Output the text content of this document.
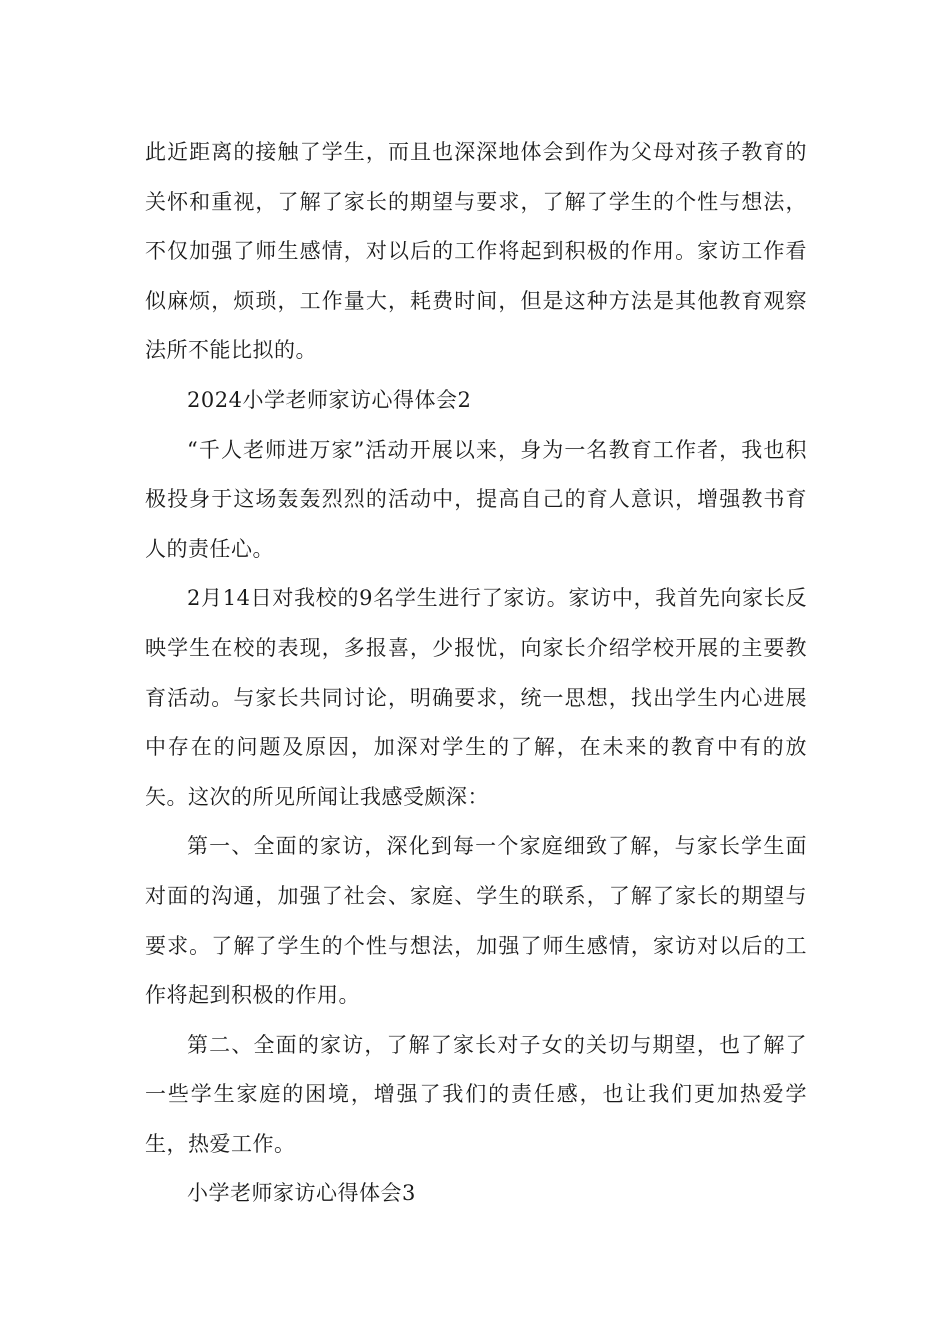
此近距离的接触了学生，而且也深深地体会到作为父母对孩子教育的关怀和重视，了解了家长的期望与要求，了解了学生的个性与想法，不仅加强了师生感情，对以后的工作将起到积极的作用。家访工作看似麻烦，烦琐，工作量大，耗费时间，但是这种方法是其他教育观察法所不能比拟的。

2024小学老师家访心得体会2

“千人老师进万家”活动开展以来，身为一名教育工作者，我也积极投身于这场轰轰烈烈的活动中，提高自己的育人意识，增强教书育人的责任心。

2月14日对我校的9名学生进行了家访。家访中，我首先向家长反映学生在校的表现，多报喜，少报忧，向家长介绍学校开展的主要教育活动。与家长共同讨论，明确要求，统一思想，找出学生内心进展中存在的问题及原因，加深对学生的了解，在未来的教育中有的放矢。这次的所见所闻让我感受颇深：

第一、全面的家访，深化到每一个家庭细致了解，与家长学生面对面的沟通，加强了社会、家庭、学生的联系，了解了家长的期望与要求。了解了学生的个性与想法，加强了师生感情，家访对以后的工作将起到积极的作用。

第二、全面的家访，了解了家长对子女的关切与期望，也了解了一些学生家庭的困境，增强了我们的责任感，也让我们更加热爱学生，热爱工作。

小学老师家访心得体会3
